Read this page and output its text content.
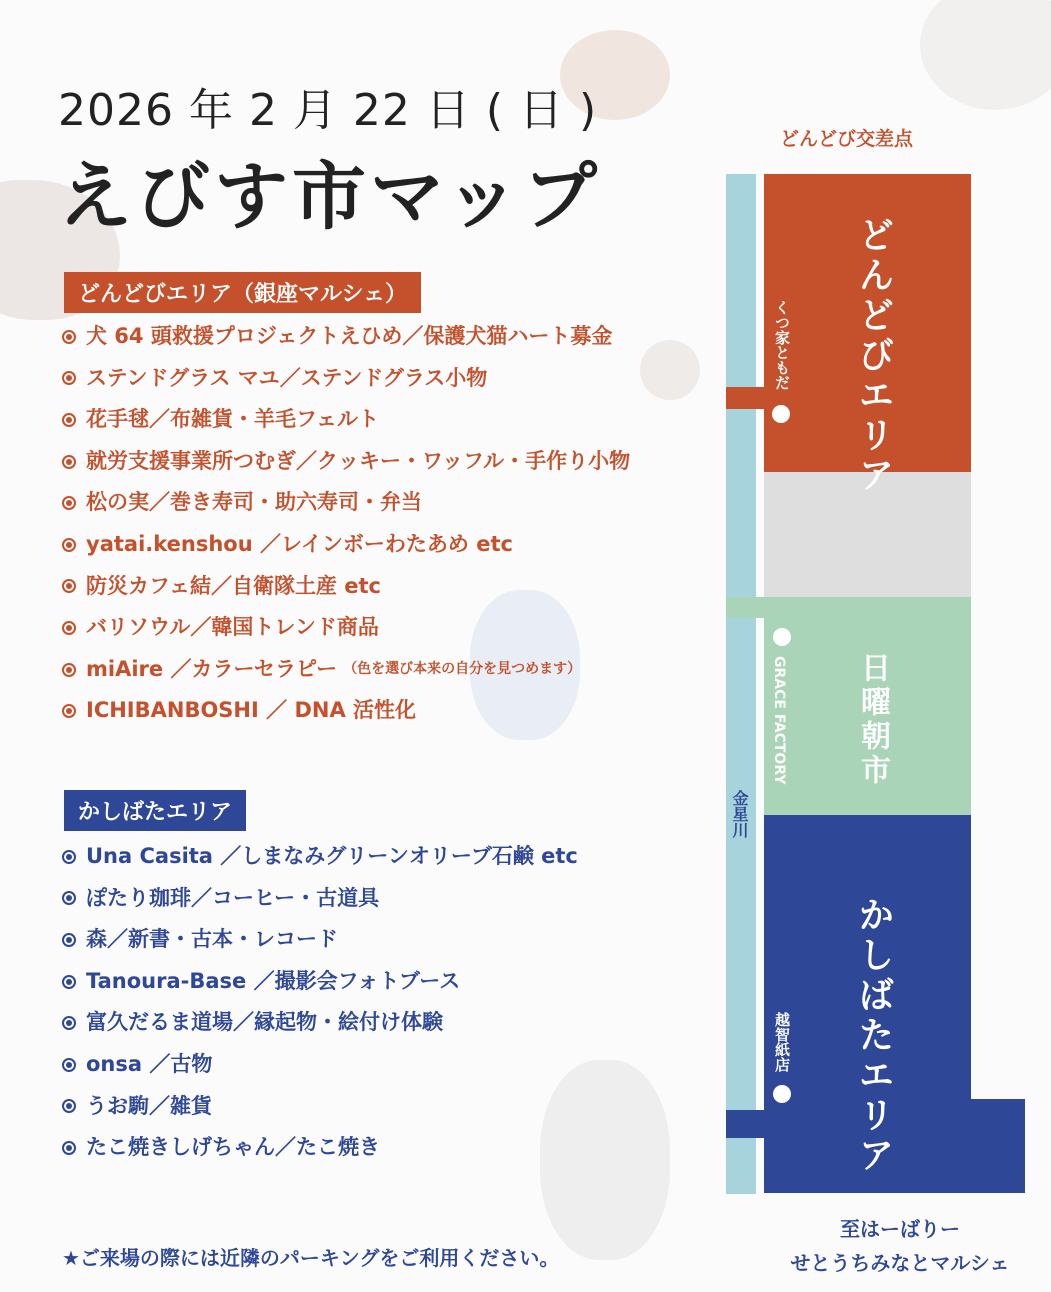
2026 年 2 月 22 日 ( 日 )
えびす市マップ
どんどびエリア（銀座マルシェ）
犬 64 頭救援プロジェクトえひめ／保護犬猫ハート募金
ステンドグラス マユ／ステンドグラス小物
花手毬／布雑貨・羊毛フェルト
就労支援事業所つむぎ／クッキー・ワッフル・手作り小物
松の実／巻き寿司・助六寿司・弁当
yatai.kenshou ／レインボーわたあめ etc
防災カフェ結／自衛隊土産 etc
バリソウル／韓国トレンド商品
miAire ／カラーセラピー （色を選び本来の自分を見つめます）
ICHIBANBOSHI ／ DNA 活性化
かしばたエリア
Una Casita ／しまなみグリーンオリーブ石鹸 etc
ぽたり珈琲／コーヒー・古道具
森／新書・古本・レコード
Tanoura-Base ／撮影会フォトブース
富久だるま道場／縁起物・絵付け体験
onsa ／古物
うお駒／雑貨
たこ焼きしげちゃん／たこ焼き
★ご来場の際には近隣のパーキングをご利用ください。
どんどび交差点
金星川
どんどびエリア
日曜朝市
かしばたエリア
くつ家ともだ
GRACE FACTORY
越智紙店
至はーばりー
せとうちみなとマルシェ
